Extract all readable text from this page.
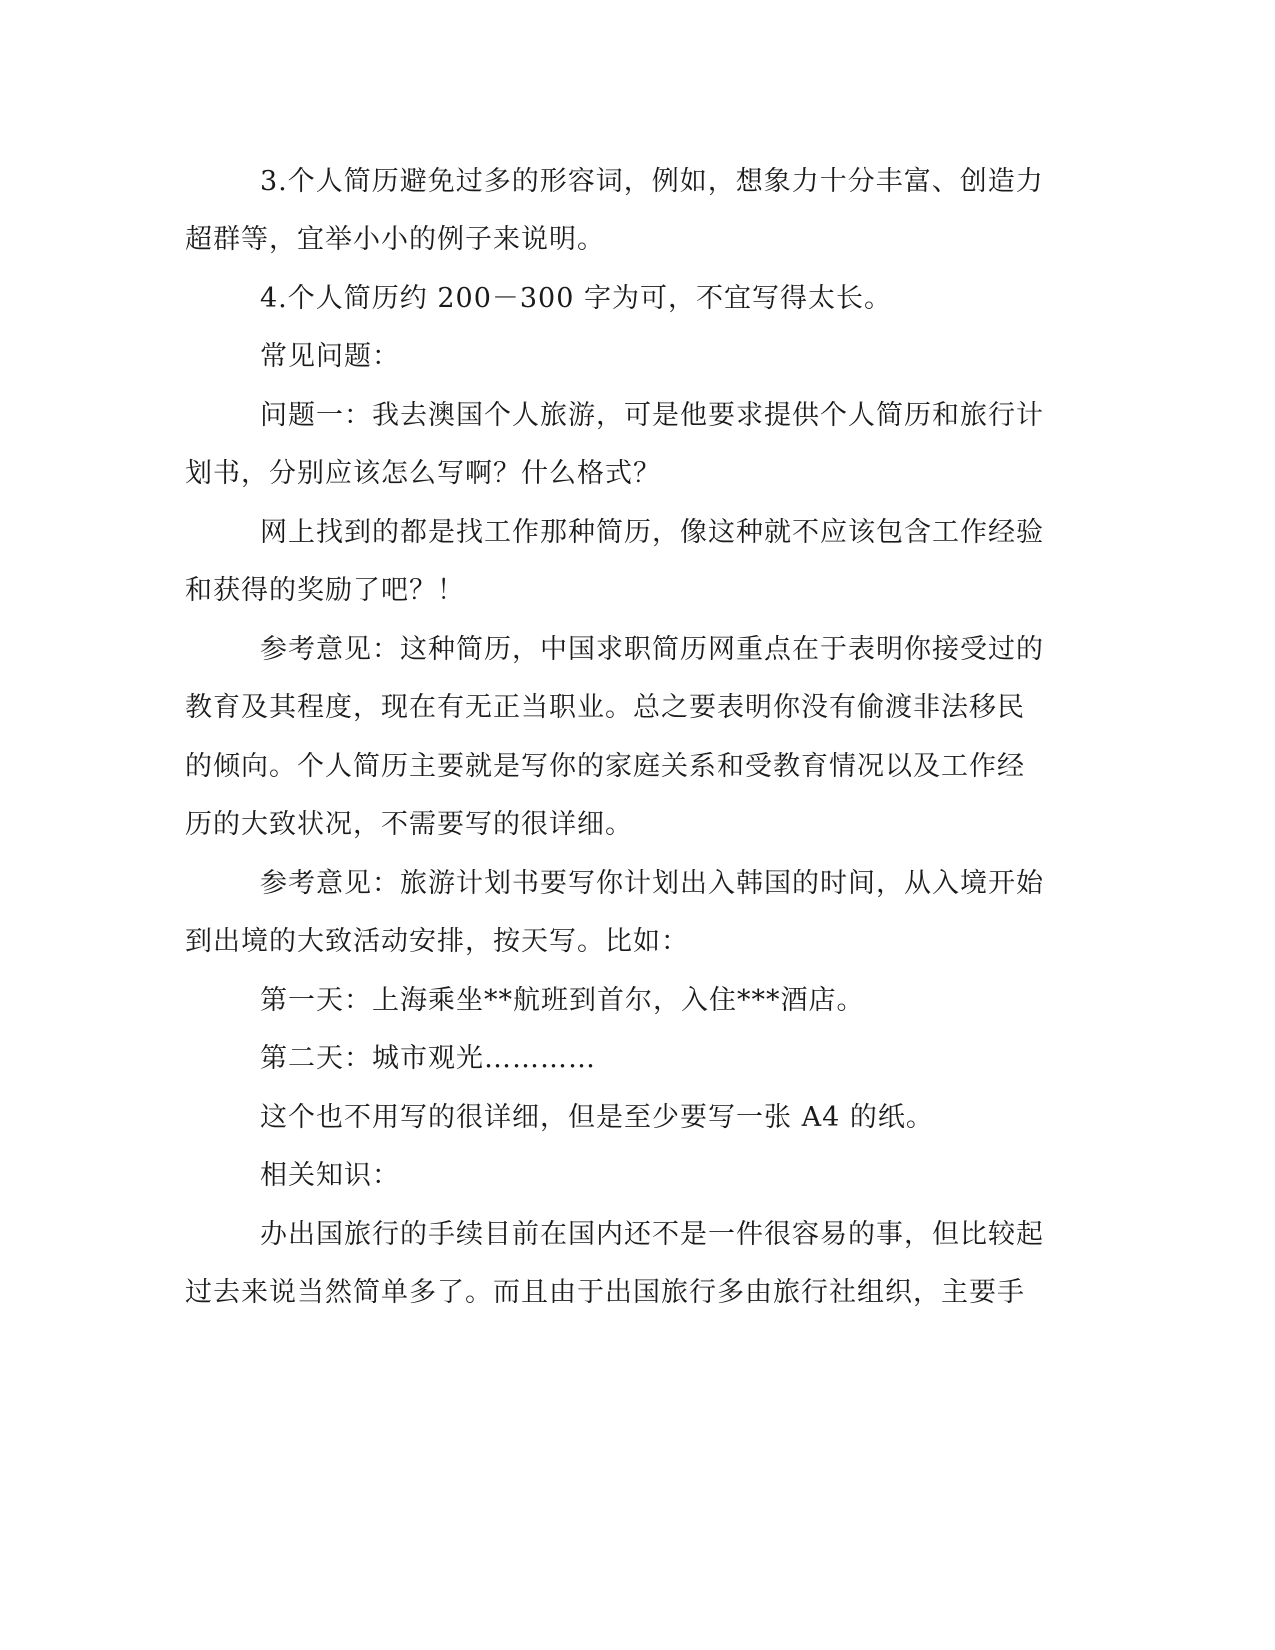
3.个人简历避免过多的形容词，例如，想象力十分丰富、创造力
超群等，宜举小小的例子来说明。
4.个人简历约 200－300 字为可，不宜写得太长。
常见问题：
问题一：我去澳国个人旅游，可是他要求提供个人简历和旅行计
划书，分别应该怎么写啊？什么格式？
网上找到的都是找工作那种简历，像这种就不应该包含工作经验
和获得的奖励了吧？！
参考意见：这种简历，中国求职简历网重点在于表明你接受过的
教育及其程度，现在有无正当职业。总之要表明你没有偷渡非法移民
的倾向。个人简历主要就是写你的家庭关系和受教育情况以及工作经
历的大致状况，不需要写的很详细。
参考意见：旅游计划书要写你计划出入韩国的时间，从入境开始
到出境的大致活动安排，按天写。比如：
第一天：上海乘坐**航班到首尔，入住***酒店。
第二天：城市观光…………
这个也不用写的很详细，但是至少要写一张 A4 的纸。
相关知识：
办出国旅行的手续目前在国内还不是一件很容易的事，但比较起
过去来说当然简单多了。而且由于出国旅行多由旅行社组织，主要手
